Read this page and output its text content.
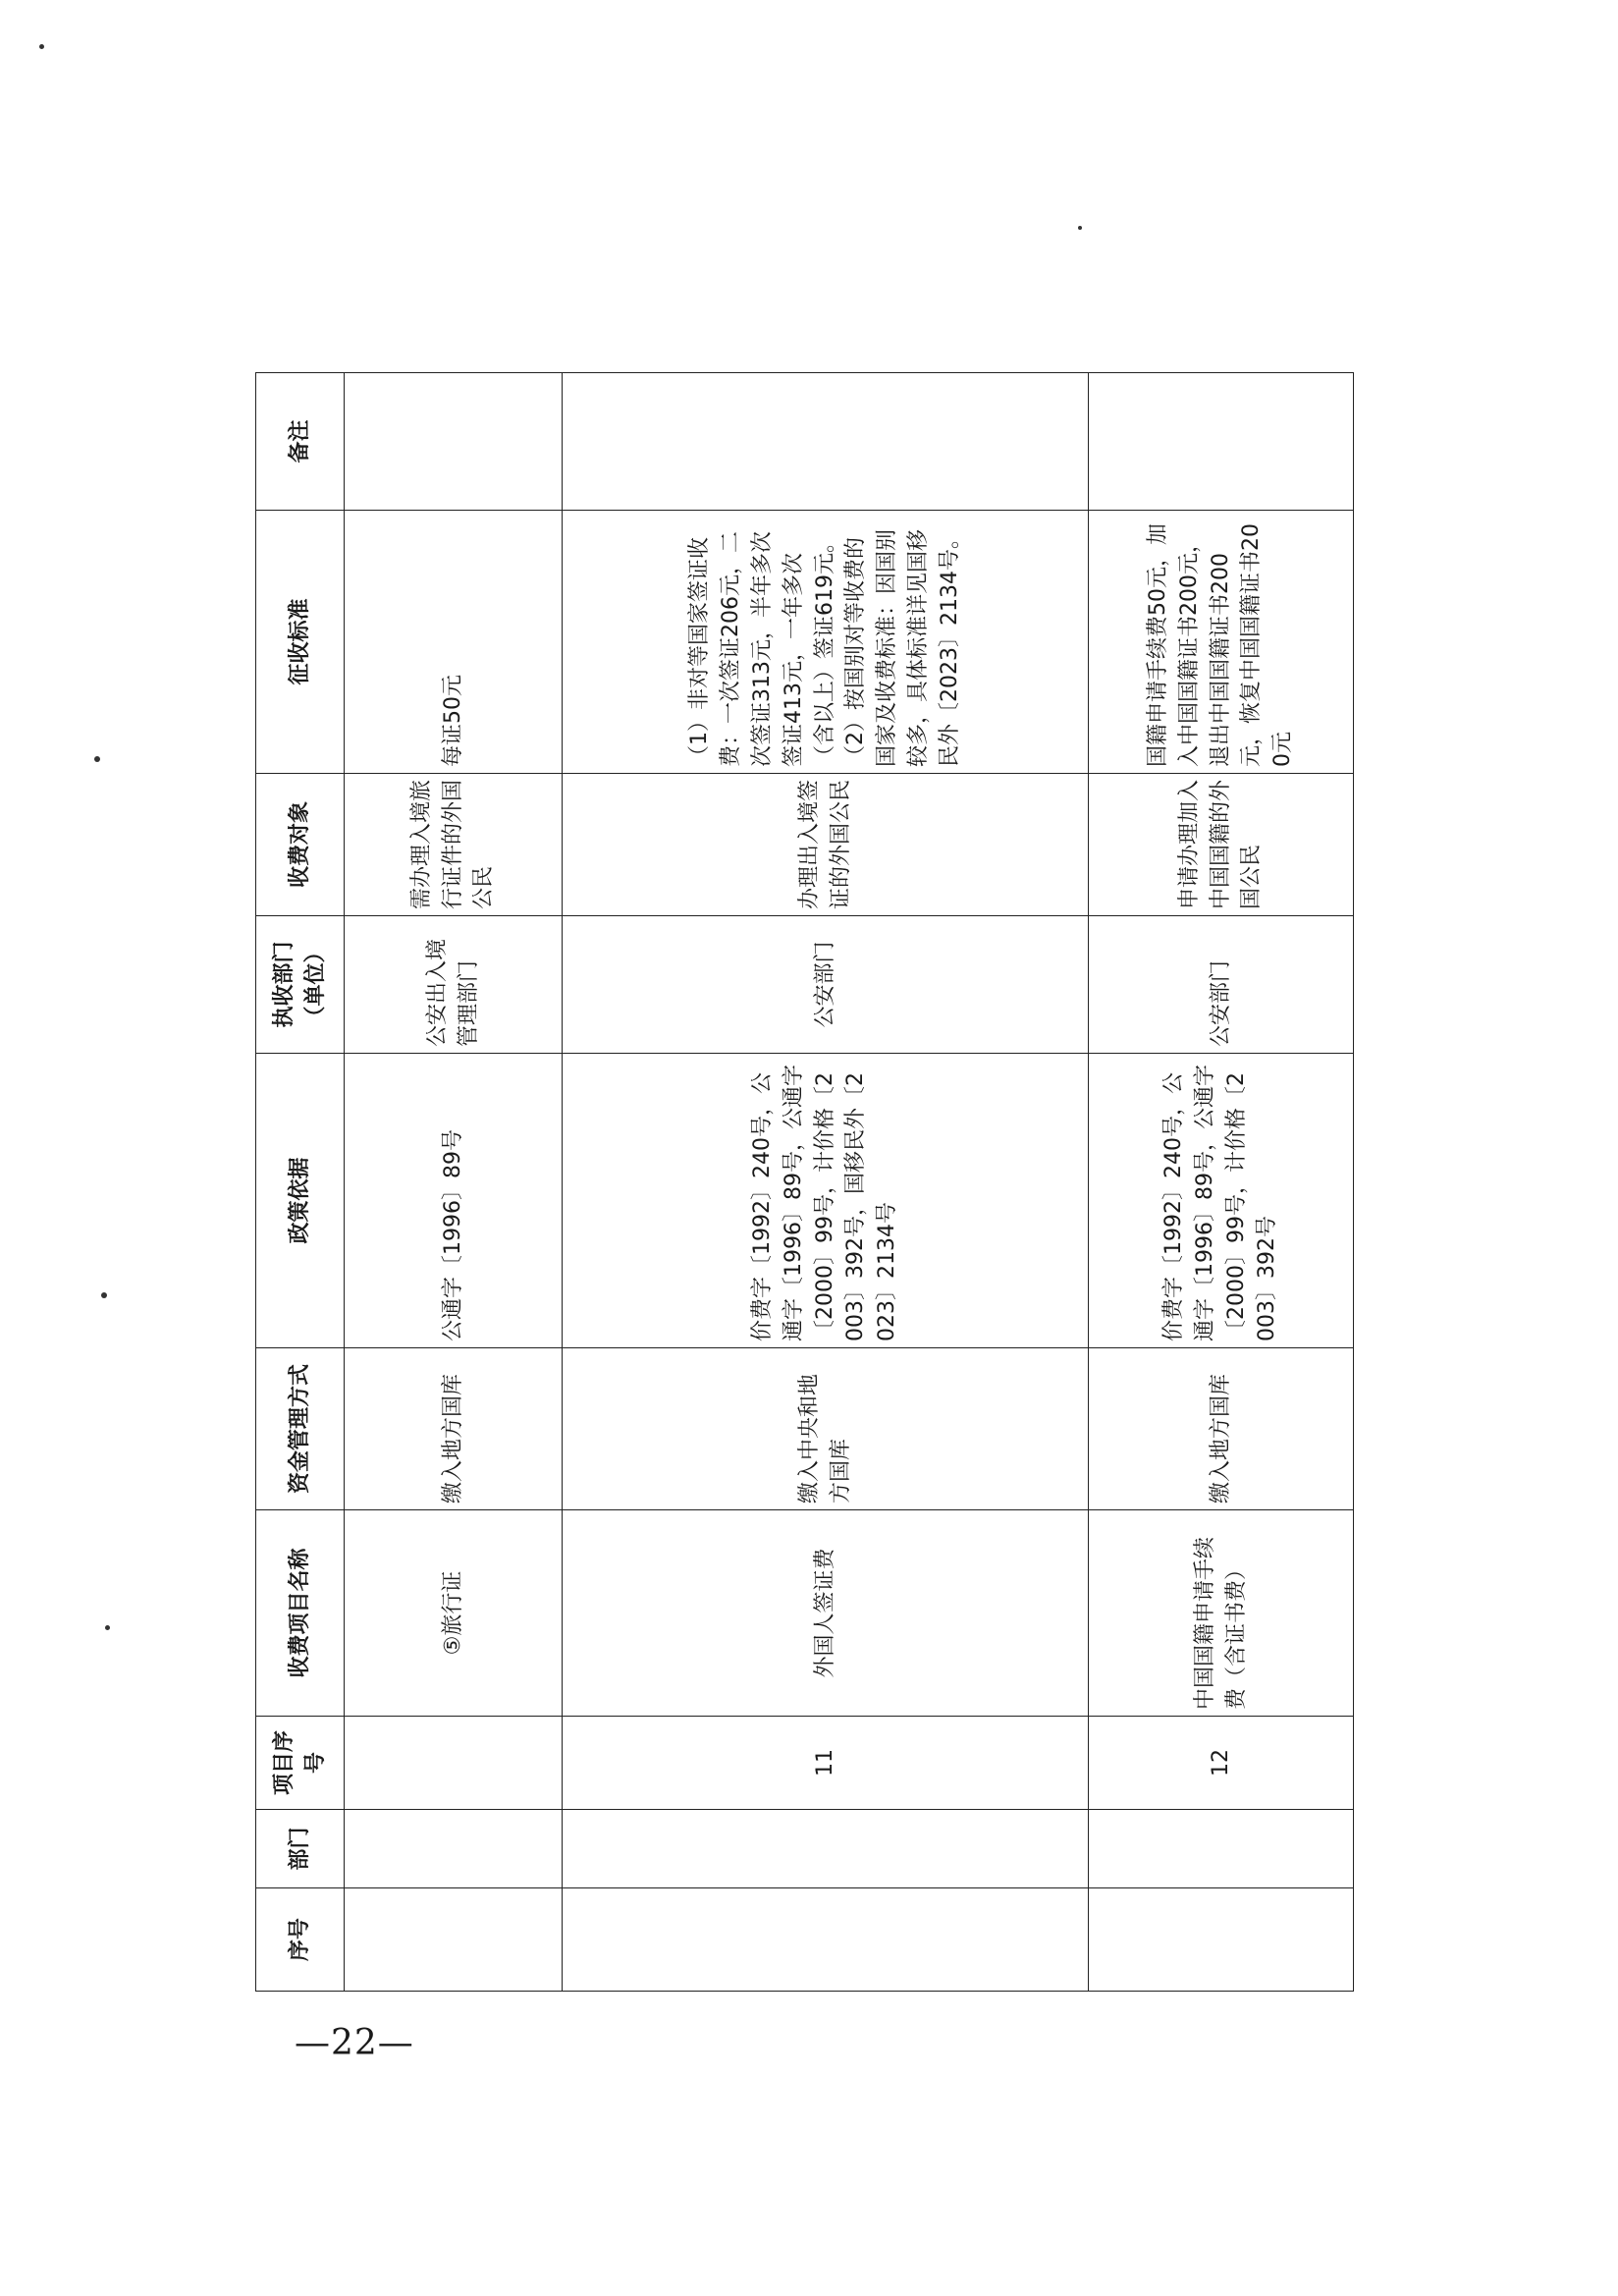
序号	部门	项目序号	收费项目名称	资金管理方式	政策依据	执收部门（单位）	收费对象	征收标准	备注
			⑤旅行证	缴入地方国库	公通字〔1996〕89号	公安出入境管理部门	需办理入境旅行证件的外国公民	每证50元	
		11	外国人签证费	缴入中央和地方国库	价费字〔1992〕240号，公通字〔1996〕89号，公通字〔2000〕99号，计价格〔2003〕392号，国移民外〔2023〕2134号	公安部门	办理出入境签证的外国公民	（1）非对等国家签证收费：一次签证206元，二次签证313元，半年多次签证413元，一年多次（含以上）签证619元。（2）按国别对等收费的国家及收费标准：因国别较多，具体标准详见国移民外〔2023〕2134号。	
		12	中国国籍申请手续费（含证书费）	缴入地方国库	价费字〔1992〕240号，公通字〔1996〕89号，公通字〔2000〕99号，计价格〔2003〕392号	公安部门	申请办理加入中国国籍的外国公民	国籍申请手续费50元，加入中国国籍证书200元，退出中国国籍证书200元，恢复中国国籍证书200元	
—22—
